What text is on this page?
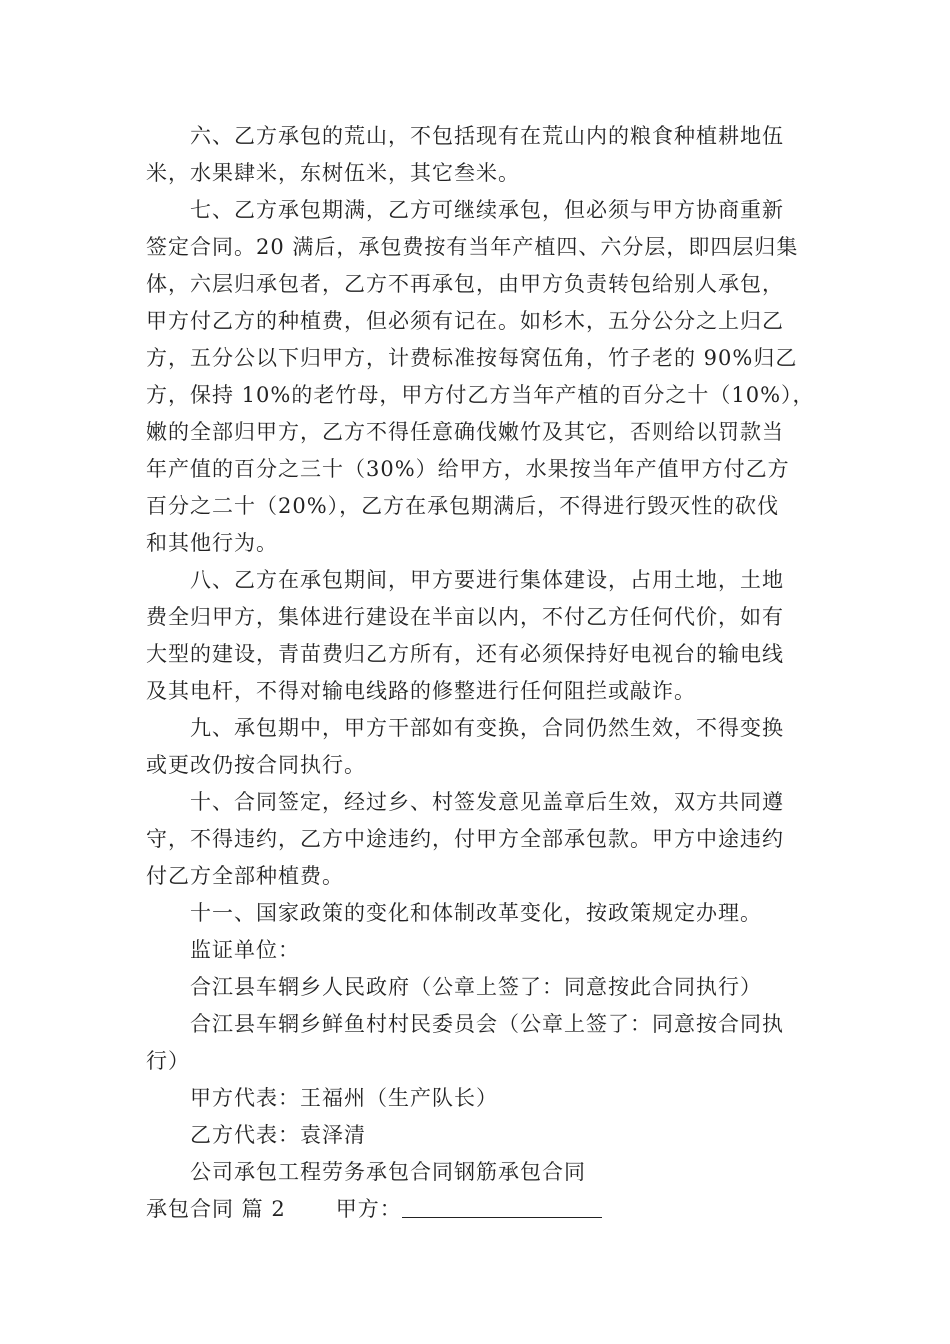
六、乙方承包的荒山，不包括现有在荒山内的粮食种植耕地伍
米，水果肆米，东树伍米，其它叁米。

七、乙方承包期满，乙方可继续承包，但必须与甲方协商重新
签定合同。20 满后，承包费按有当年产植四、六分层，即四层归集
体，六层归承包者，乙方不再承包，由甲方负责转包给别人承包，
甲方付乙方的种植费，但必须有记在。如杉木，五分公分之上归乙
方，五分公以下归甲方，计费标准按每窝伍角，竹子老的 90%归乙
方，保持 10%的老竹母，甲方付乙方当年产植的百分之十（10%），
嫩的全部归甲方，乙方不得任意确伐嫩竹及其它，否则给以罚款当
年产值的百分之三十（30%）给甲方，水果按当年产值甲方付乙方
百分之二十（20%），乙方在承包期满后，不得进行毁灭性的砍伐
和其他行为。

八、乙方在承包期间，甲方要进行集体建设，占用土地，土地
费全归甲方，集体进行建设在半亩以内，不付乙方任何代价，如有
大型的建设，青苗费归乙方所有，还有必须保持好电视台的输电线
及其电杆，不得对输电线路的修整进行任何阻拦或敲诈。

九、承包期中，甲方干部如有变换，合同仍然生效，不得变换
或更改仍按合同执行。

十、合同签定，经过乡、村签发意见盖章后生效，双方共同遵
守，不得违约，乙方中途违约，付甲方全部承包款。甲方中途违约
付乙方全部种植费。

十一、国家政策的变化和体制改革变化，按政策规定办理。

监证单位：

合江县车辋乡人民政府（公章上签了：同意按此合同执行）

合江县车辋乡鲜鱼村村民委员会（公章上签了：同意按合同执
行）

甲方代表：王福州（生产队长）

乙方代表：袁泽清

公司承包工程劳务承包合同钢筋承包合同

承包合同 篇 2 甲方：
